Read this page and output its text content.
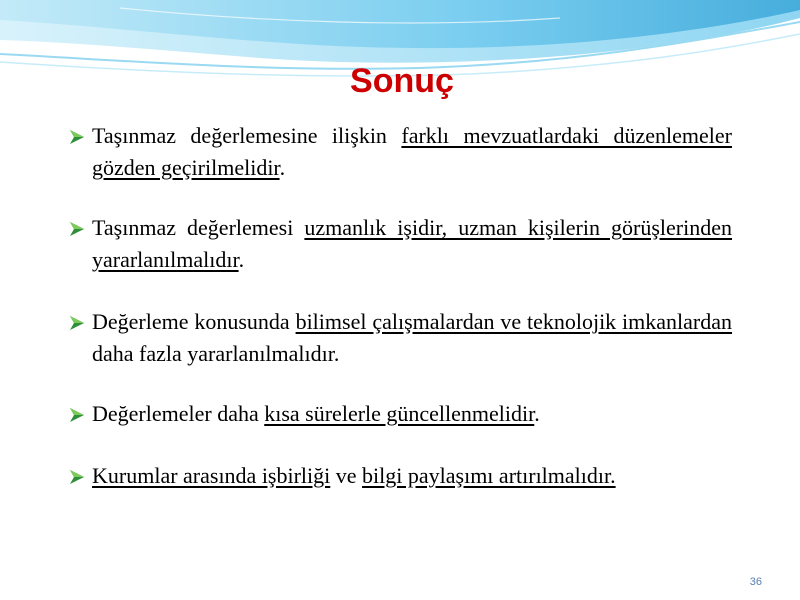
Sonuç

Taşınmaz değerlemesine ilişkin farklı mevzuatlardaki düzenlemeler gözden geçirilmelidir.

Taşınmaz değerlemesi uzmanlık işidir, uzman kişilerin görüşlerinden yararlanılmalıdır.

Değerleme konusunda bilimsel çalışmalardan ve teknolojik imkanlardan daha fazla yararlanılmalıdır.

Değerlemeler daha kısa sürelerle güncellenmelidir.

Kurumlar arasında işbirliği ve bilgi paylaşımı artırılmalıdır.

36
